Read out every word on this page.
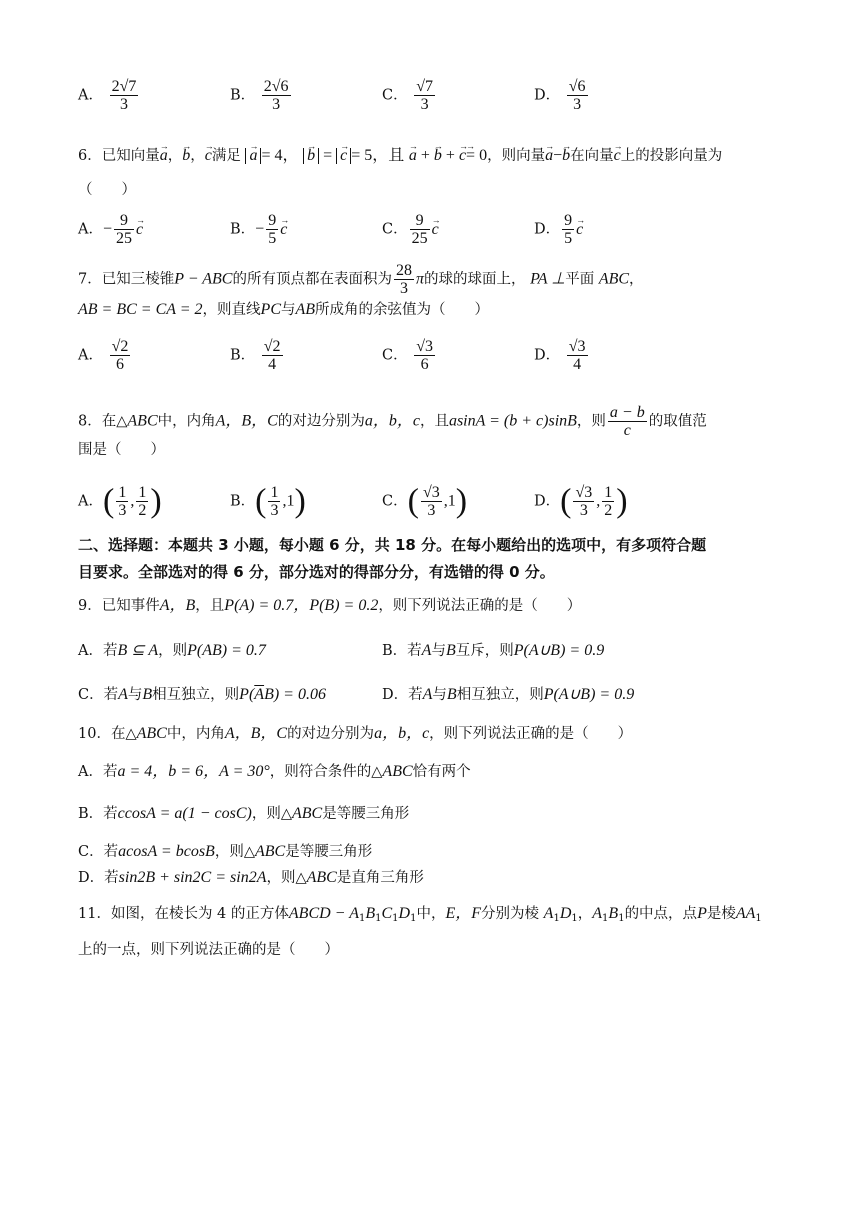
A． $\frac{2√7}{3}$	B． $\frac{2√6}{3}$	C． $\frac{√7}{3}$	D． $\frac{√6}{3}$
6．已知向量→ a，→ b，→ c满足 → a = 4， → b = → c = 5，且 → a + → b + → c→ = 0，则向量→ a−→ b在向量→ c上的投影向量为
（　　）
A．− $\frac{9}{25} \to c$	B．− $\frac{9}{5} \to c$	C． $\frac{9}{25} \to c$	D． $\frac{9}{5} \to c$
7．已知三棱锥P − ABC的所有顶点都在表面积为 $\frac{28}{3}$ π的球的球面上， PA ⊥平面 ABC，
AB = BC = CA = 2，则直线PC与AB所成角的余弦值为（　　）
A． $\frac{√2}{6}$	B． $\frac{√2}{4}$	C． $\frac{√3}{6}$	D． $\frac{√3}{4}$
8．在△ABC中，内角A，B，C的对边分别为a，b，c，且asinA = (b + c)sinB，则 $\frac{a - b}{c}$ 的取值范
围是（　　）
A．( $\frac{1}{3}$ , $\frac{1}{2}$ )	B．( $\frac{1}{3} ,1$)	C．( $\frac{√3}{3} ,1$)	D．( $\frac{√3}{3}$ , $\frac{1}{2}$ )
二、选择题：本题共 3 小题，每小题 6 分，共 18 分。在每小题给出的选项中，有多项符合题
目要求。全部选对的得 6 分，部分选对的得部分分，有选错的得 0 分。
9．已知事件A，B，且P(A) = 0.7，P(B) = 0.2，则下列说法正确的是（　　）
A．若B ⊆ A，则P(AB) = 0.7	B．若A与B互斥，则P(A∪B) = 0.9
C．若A与B相互独立，则$P(\overline{A}B) = 0.06$	D．若A与B相互独立，则P(A∪B) = 0.9
10．在△ABC中，内角A，B，C的对边分别为a，b，c，则下列说法正确的是（　　）
A．若a = 4，b = 6，A = 30°，则符合条件的△ABC恰有两个
B．若ccosA = a(1 − cosC)，则△ABC是等腰三角形
C．若acosA = bcosB，则△ABC是等腰三角形
D．若sin2B + sin2C = sin2A，则△ABC是直角三角形
11．如图，在棱长为 4 的正方体ABCD − $A_1B_1C_1D_1$中，E，F分别为棱 $A_1D_1$，$A_1B_1$的中点，点P是棱$AA_1$
上的一点，则下列说法正确的是（　　）
